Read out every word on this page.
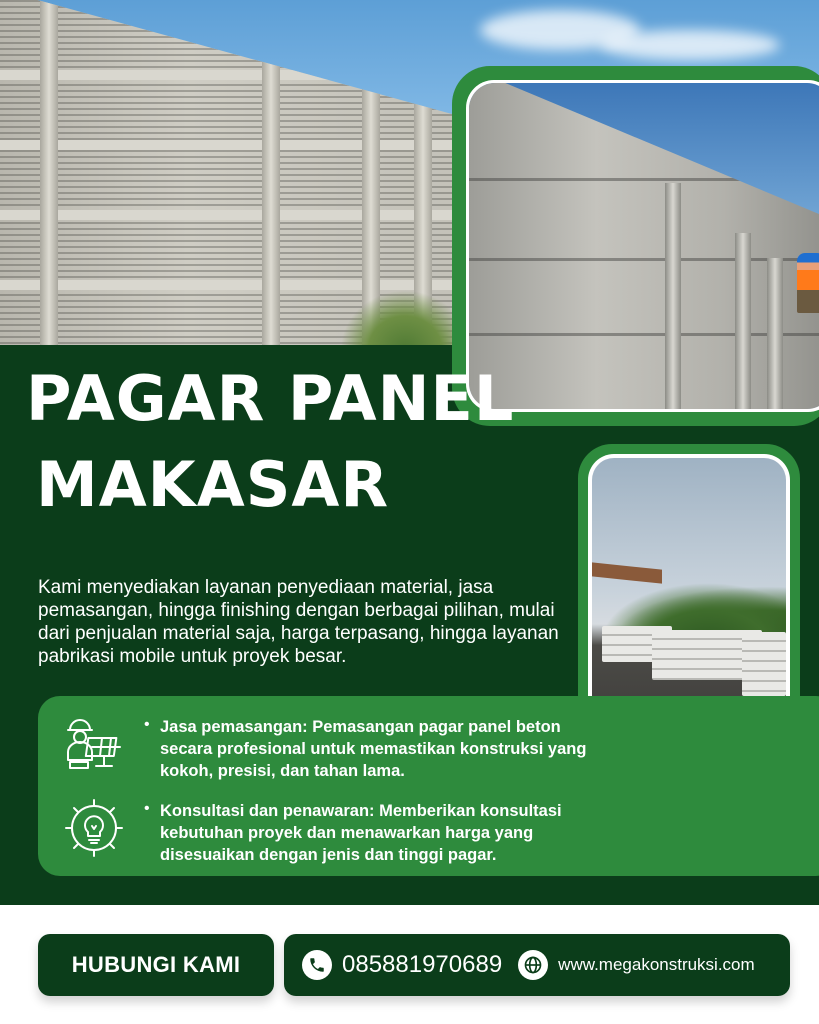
PAGAR PANEL
MAKASAR

Kami menyediakan layanan penyediaan material, jasa pemasangan, hingga finishing dengan berbagai pilihan, mulai dari penjualan material saja, harga terpasang, hingga layanan pabrikasi mobile untuk proyek besar.

• Jasa pemasangan: Pemasangan pagar panel beton secara profesional untuk memastikan konstruksi yang kokoh, presisi, dan tahan lama.
• Konsultasi dan penawaran: Memberikan konsultasi kebutuhan proyek dan menawarkan harga yang disesuaikan dengan jenis dan tinggi pagar.
HUBUNGI KAMI	085881970689	www.megakonstruksi.com
